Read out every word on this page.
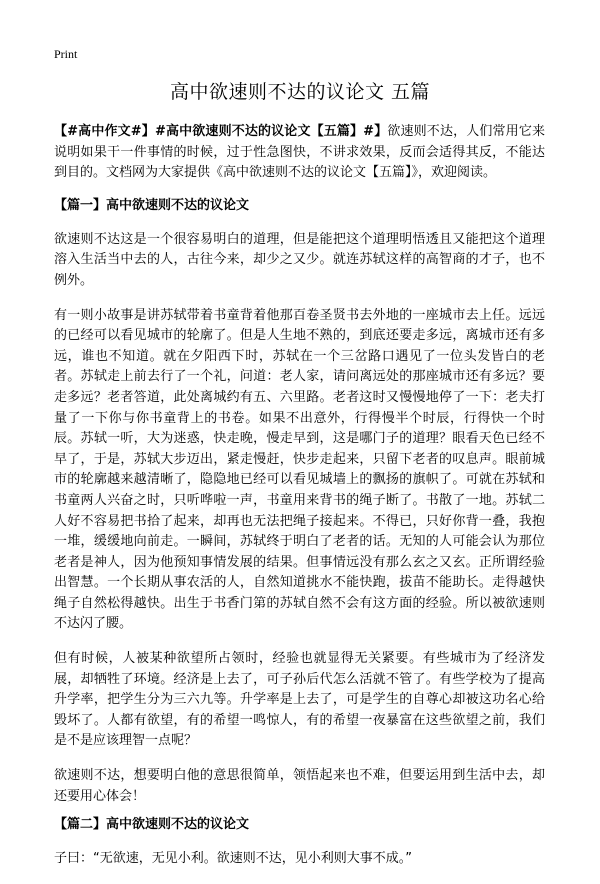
Print
高中欲速则不达的议论文 五篇

【#高中作文#】#高中欲速则不达的议论文【五篇】#】欲速则不达，人们常用它来说明如果干一件事情的时候，过于性急图快，不讲求效果，反而会适得其反，不能达到目的。文档网为大家提供《高中欲速则不达的议论文【五篇】》，欢迎阅读。

【篇一】高中欲速则不达的议论文

欲速则不达这是一个很容易明白的道理，但是能把这个道理明悟透且又能把这个道理溶入生活当中去的人，古往今来，却少之又少。就连苏轼这样的高智商的才子，也不例外。

有一则小故事是讲苏轼带着书童背着他那百卷圣贤书去外地的一座城市去上任。远远的已经可以看见城市的轮廓了。但是人生地不熟的，到底还要走多远，离城市还有多远，谁也不知道。就在夕阳西下时，苏轼在一个三岔路口遇见了一位头发皆白的老者。苏轼走上前去行了一个礼，问道：老人家，请问离远处的那座城市还有多远？要走多远？老者答道，此处离城约有五、六里路。老者这时又慢慢地停了一下：老夫打量了一下你与你书童背上的书卷。如果不出意外，行得慢半个时辰，行得快一个时辰。苏轼一听，大为迷惑，快走晚，慢走早到，这是哪门子的道理？眼看天色已经不早了，于是，苏轼大步迈出，紧走慢赶，快步走起来，只留下老者的叹息声。眼前城市的轮廓越来越清晰了，隐隐地已经可以看见城墙上的飘扬的旗帜了。可就在苏轼和书童两人兴奋之时，只听哗啦一声，书童用来背书的绳子断了。书散了一地。苏轼二人好不容易把书拾了起来，却再也无法把绳子接起来。不得已，只好你背一叠，我抱一堆，缓缓地向前走。一瞬间，苏轼终于明白了老者的话。无知的人可能会认为那位老者是神人，因为他预知事情发展的结果。但事情远没有那么玄之又玄。正所谓经验出智慧。一个长期从事农活的人，自然知道挑水不能快跑，拔苗不能助长。走得越快绳子自然松得越快。出生于书香门第的苏轼自然不会有这方面的经验。所以被欲速则不达闪了腰。

但有时候，人被某种欲望所占领时，经验也就显得无关紧要。有些城市为了经济发展，却牺牲了环境。经济是上去了，可子孙后代怎么活就不管了。有些学校为了提高升学率，把学生分为三六九等。升学率是上去了，可是学生的自尊心却被这功名心给毁坏了。人都有欲望，有的希望一鸣惊人，有的希望一夜暴富在这些欲望之前，我们是不是应该理智一点呢？

欲速则不达，想要明白他的意思很简单，领悟起来也不难，但要运用到生活中去，却还要用心体会！

【篇二】高中欲速则不达的议论文

子曰：“无欲速，无见小利。欲速则不达，见小利则大事不成。”
